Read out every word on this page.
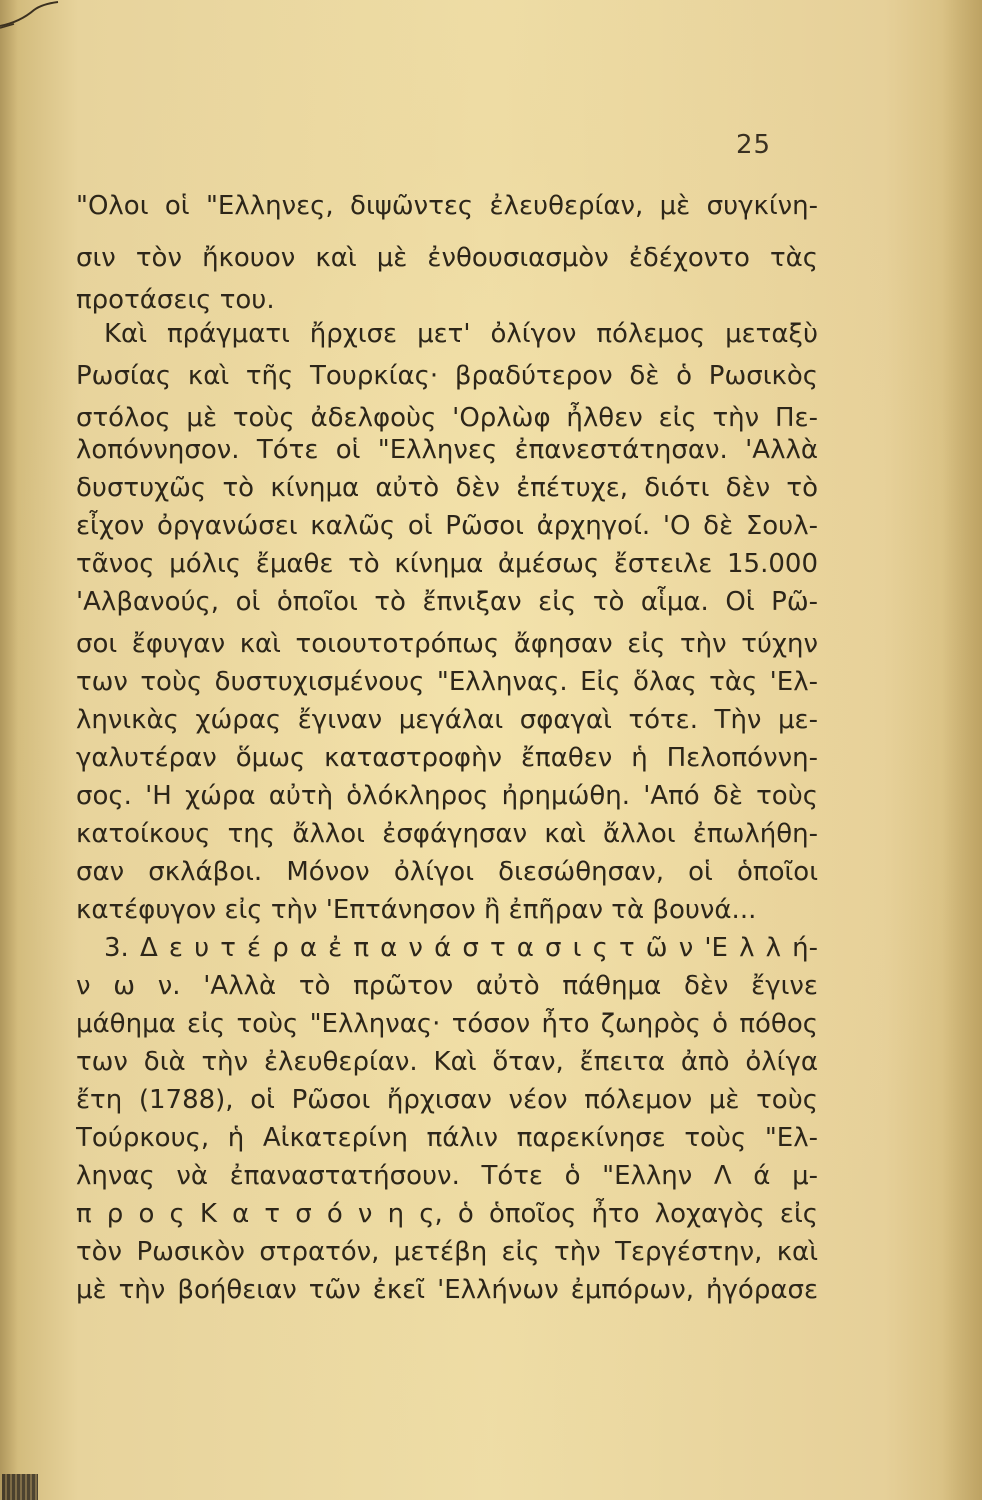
25
"Ολοι οἱ "Ελληνες, διψῶντες ἐλευθερίαν, μὲ συγκίνη-
σιν τὸν ἤκουον καὶ μὲ ἐνθουσιασμὸν ἐδέχοντο τὰς
προτάσεις του.
Καὶ πράγματι ἤρχισε μετ' ὀλίγον πόλεμος μεταξὺ
Ρωσίας καὶ τῆς Τουρκίας· βραδύτερον δὲ ὁ Ρωσικὸς
στόλος μὲ τοὺς ἀδελφοὺς 'Ορλὼφ ἦλθεν εἰς τὴν Πε-
λοπόννησον. Τότε οἱ "Ελληνες ἐπανεστάτησαν. 'Αλλὰ
δυστυχῶς τὸ κίνημα αὐτὸ δὲν ἐπέτυχε, διότι δὲν τὸ
εἶχον ὀργανώσει καλῶς οἱ Ρῶσοι ἀρχηγοί. 'Ο δὲ Σουλ-
τᾶνος μόλις ἔμαθε τὸ κίνημα ἀμέσως ἔστειλε 15.000
'Αλβανούς, οἱ ὁποῖοι τὸ ἔπνιξαν εἰς τὸ αἷμα. Οἱ Ρῶ-
σοι ἔφυγαν καὶ τοιουτοτρόπως ἄφησαν εἰς τὴν τύχην
των τοὺς δυστυχισμένους "Ελληνας. Εἰς ὅλας τὰς 'Ελ-
ληνικὰς χώρας ἔγιναν μεγάλαι σφαγαὶ τότε. Τὴν με-
γαλυτέραν ὅμως καταστροφὴν ἔπαθεν ἡ Πελοπόννη-
σος. 'Η χώρα αὐτὴ ὁλόκληρος ἠρημώθη. 'Από δὲ τοὺς
κατοίκους της ἄλλοι ἐσφάγησαν καὶ ἄλλοι ἐπωλήθη-
σαν σκλάβοι. Μόνον ὀλίγοι διεσώθησαν, οἱ ὁποῖοι
κατέφυγον εἰς τὴν 'Επτάνησον ἢ ἐπῆραν τὰ βουνά...
3. Δ ε υ τ έ ρ α ἐ π α ν ά σ τ α σ ι ς τ ῶ ν 'Ε λ λ ή-
ν ω ν. 'Αλλὰ τὸ πρῶτον αὐτὸ πάθημα δὲν ἔγινε
μάθημα εἰς τοὺς "Ελληνας· τόσον ἦτο ζωηρὸς ὁ πόθος
των διὰ τὴν ἐλευθερίαν. Καὶ ὅταν, ἔπειτα ἀπὸ ὀλίγα
ἔτη (1788), οἱ Ρῶσοι ἤρχισαν νέον πόλεμον μὲ τοὺς
Τούρκους, ἡ Αἰκατερίνη πάλιν παρεκίνησε τοὺς "Ελ-
ληνας νὰ ἐπαναστατήσουν. Τότε ὁ "Ελλην Λ ά μ-
π ρ ο ς Κ α τ σ ό ν η ς, ὁ ὁποῖος ἦτο λοχαγὸς εἰς
τὸν Ρωσικὸν στρατόν, μετέβη εἰς τὴν Τεργέστην, καὶ
μὲ τὴν βοήθειαν τῶν ἐκεῖ 'Ελλήνων ἐμπόρων, ἠγόρασε
